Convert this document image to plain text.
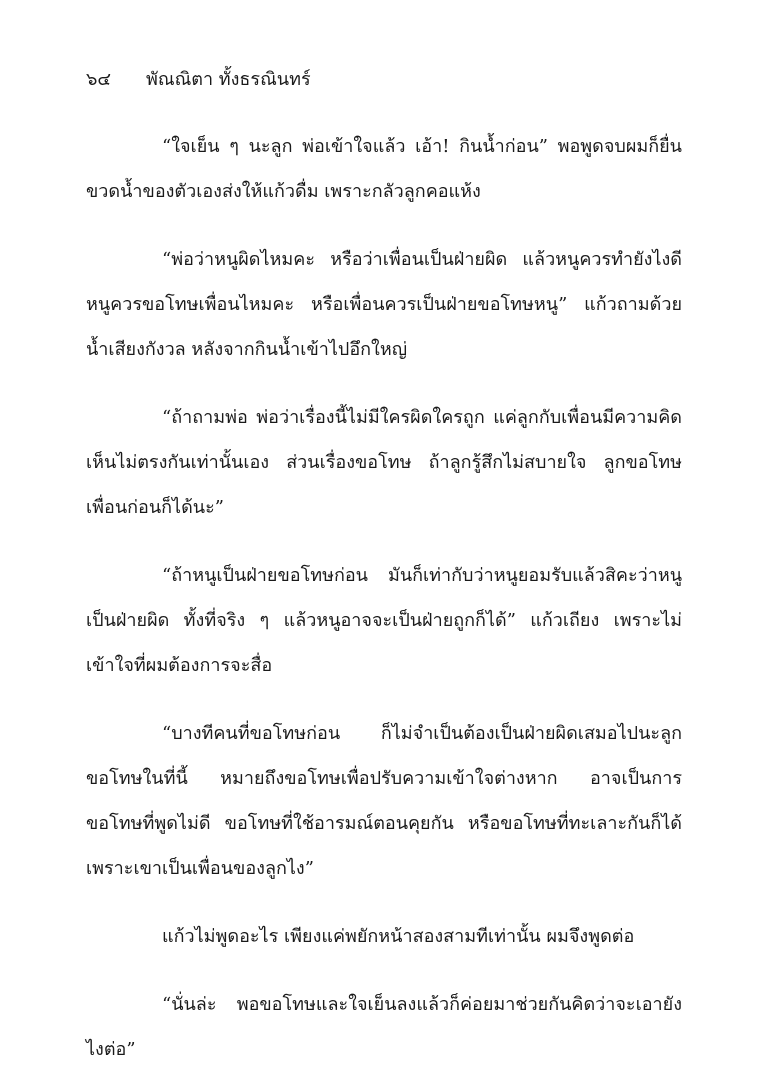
๖๔ พัณณิตา ทั้งธรณินทร์

“ใจเย็น ๆ นะลูก พ่อเข้าใจแล้ว เอ้า! กินน้ำก่อน” พอพูดจบผมก็ยื่นขวดน้ำของตัวเองส่งให้แก้วดื่ม เพราะกลัวลูกคอแห้ง

“พ่อว่าหนูผิดไหมคะ หรือว่าเพื่อนเป็นฝ่ายผิด แล้วหนูควรทำยังไงดี หนูควรขอโทษเพื่อนไหมคะ หรือเพื่อนควรเป็นฝ่ายขอโทษหนู” แก้วถามด้วยน้ำเสียงกังวล หลังจากกินน้ำเข้าไปอึกใหญ่

“ถ้าถามพ่อ พ่อว่าเรื่องนี้ไม่มีใครผิดใครถูก แค่ลูกกับเพื่อนมีความคิดเห็นไม่ตรงกันเท่านั้นเอง ส่วนเรื่องขอโทษ ถ้าลูกรู้สึกไม่สบายใจ ลูกขอโทษเพื่อนก่อนก็ได้นะ”

“ถ้าหนูเป็นฝ่ายขอโทษก่อน มันก็เท่ากับว่าหนูยอมรับแล้วสิคะว่าหนูเป็นฝ่ายผิด ทั้งที่จริง ๆ แล้วหนูอาจจะเป็นฝ่ายถูกก็ได้” แก้วเถียง เพราะไม่เข้าใจที่ผมต้องการจะสื่อ

“บางทีคนที่ขอโทษก่อน ก็ไม่จำเป็นต้องเป็นฝ่ายผิดเสมอไปนะลูก ขอโทษในที่นี้ หมายถึงขอโทษเพื่อปรับความเข้าใจต่างหาก อาจเป็นการขอโทษที่พูดไม่ดี ขอโทษที่ใช้อารมณ์ตอนคุยกัน หรือขอโทษที่ทะเลาะกันก็ได้ เพราะเขาเป็นเพื่อนของลูกไง”

แก้วไม่พูดอะไร เพียงแค่พยักหน้าสองสามทีเท่านั้น ผมจึงพูดต่อ

“นั่นล่ะ พอขอโทษและใจเย็นลงแล้วก็ค่อยมาช่วยกันคิดว่าจะเอายังไงต่อ”
